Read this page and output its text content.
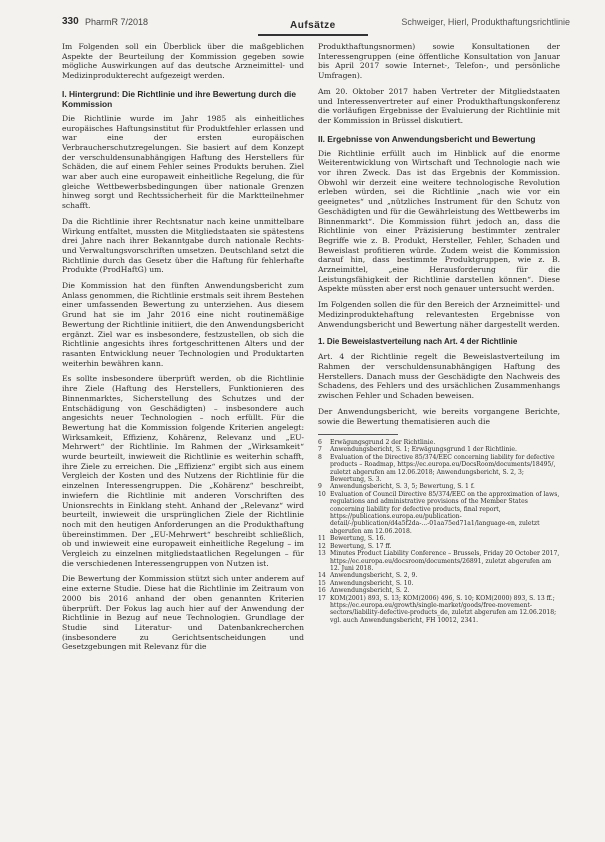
330 PharmR 7/2018	Aufsätze	Schweiger, Hierl, Produkthaftungsrichtlinie

Im Folgenden soll ein Überblick über die maßgeblichen Aspekte der Beurteilung der Kommission gegeben sowie mögliche Auswirkungen auf das deutsche Arzneimittel- und Medizinprodukterecht aufgezeigt werden.

I. Hintergrund: Die Richtlinie und ihre Bewertung durch die Kommission

Die Richtlinie wurde im Jahr 1985 als einheitliches europäisches Haftungsinstitut für Produktfehler erlassen und war eine der ersten europäischen Verbraucherschutzregelungen. Sie basiert auf dem Konzept der verschuldensunabhängigen Haftung des Herstellers für Schäden, die auf einem Fehler seines Produkts beruhen. Ziel war aber auch eine europaweit einheitliche Regelung, die für gleiche Wettbewerbsbedingungen über nationale Grenzen hinweg sorgt und Rechtssicherheit für die Marktteilnehmer schafft.

Da die Richtlinie ihrer Rechtsnatur nach keine unmittelbare Wirkung entfaltet, mussten die Mitgliedstaaten sie spätestens drei Jahre nach ihrer Bekanntgabe durch nationale Rechts- und Verwaltungsvorschriften umsetzen. Deutschland setzt die Richtlinie durch das Gesetz über die Haftung für fehlerhafte Produkte (ProdHaftG) um.

Die Kommission hat den fünften Anwendungsbericht zum Anlass genommen, die Richtlinie erstmals seit ihrem Bestehen einer umfassenden Bewertung zu unterziehen. Aus diesem Grund hat sie im Jahr 2016 eine nicht routinemäßige Bewertung der Richtlinie initiiert, die den Anwendungsbericht ergänzt. Ziel war es insbesondere, festzustellen, ob sich die Richtlinie angesichts ihres fortgeschrittenen Alters und der rasanten Entwicklung neuer Technologien und Produktarten weiterhin bewähren kann.

Es sollte insbesondere überprüft werden, ob die Richtlinie ihre Ziele (Haftung des Herstellers, Funktionieren des Binnenmarktes, Sicherstellung des Schutzes und der Entschädigung von Geschädigten) – insbesondere auch angesichts neuer Technologien – noch erfüllt. Für die Bewertung hat die Kommission folgende Kriterien angelegt: Wirksamkeit, Effizienz, Kohärenz, Relevanz und „EU-Mehrwert“ der Richtlinie. Im Rahmen der „Wirksamkeit“ wurde beurteilt, inwieweit die Richtlinie es weiterhin schafft, ihre Ziele zu erreichen. Die „Effizienz“ ergibt sich aus einem Vergleich der Kosten und des Nutzens der Richtlinie für die einzelnen Interessengruppen. Die „Kohärenz“ beschreibt, inwiefern die Richtlinie mit anderen Vorschriften des Unionsrechts in Einklang steht. Anhand der „Relevanz“ wird beurteilt, inwieweit die ursprünglichen Ziele der Richtlinie noch mit den heutigen Anforderungen an die Produkthaftung übereinstimmen. Der „EU-Mehrwert“ beschreibt schließlich, ob und inwieweit eine europaweit einheitliche Regelung – im Vergleich zu einzelnen mitgliedstaatlichen Regelungen – für die verschiedenen Interessengruppen von Nutzen ist.

Die Bewertung der Kommission stützt sich unter anderem auf eine externe Studie. Diese hat die Richtlinie im Zeitraum von 2000 bis 2016 anhand der oben genannten Kriterien überprüft. Der Fokus lag auch hier auf der Anwendung der Richtlinie in Bezug auf neue Technologien. Grundlage der Studie sind Literatur- und Datenbankrecherchen (insbesondere zu Gerichtsentscheidungen und Gesetzgebungen mit Relevanz für die

Produkthaftungsnormen) sowie Konsultationen der Interessengruppen (eine öffentliche Konsultation von Januar bis April 2017 sowie Internet-, Telefon-, und persönliche Umfragen).

Am 20. Oktober 2017 haben Vertreter der Mitgliedstaaten und Interessenvertreter auf einer Produkthaftungskonferenz die vorläufigen Ergebnisse der Evaluierung der Richtlinie mit der Kommission in Brüssel diskutiert.

II. Ergebnisse von Anwendungsbericht und Bewertung

Die Richtlinie erfüllt auch im Hinblick auf die enorme Weiterentwicklung von Wirtschaft und Technologie nach wie vor ihren Zweck. Das ist das Ergebnis der Kommission. Obwohl wir derzeit eine weitere technologische Revolution erleben würden, sei die Richtlinie „nach wie vor ein geeignetes“ und „nützliches Instrument für den Schutz von Geschädigten und für die Gewährleistung des Wettbewerbs im Binnenmarkt“. Die Kommission führt jedoch an, dass die Richtlinie von einer Präzisierung bestimmter zentraler Begriffe wie z. B. Produkt, Hersteller, Fehler, Schaden und Beweislast profitieren würde. Zudem weist die Kommission darauf hin, dass bestimmte Produktgruppen, wie z. B. Arzneimittel, „eine Herausforderung für die Leistungsfähigkeit der Richtlinie darstellen können“. Diese Aspekte müssten aber erst noch genauer untersucht werden.

Im Folgenden sollen die für den Bereich der Arzneimittel- und Medizinproduktehaftung relevantesten Ergebnisse von Anwendungsbericht und Bewertung näher dargestellt werden.

1. Die Beweislastverteilung nach Art. 4 der Richtlinie

Art. 4 der Richtlinie regelt die Beweislastverteilung im Rahmen der verschuldensunabhängigen Haftung des Herstellers. Danach muss der Geschädigte den Nachweis des Schadens, des Fehlers und des ursächlichen Zusammenhangs zwischen Fehler und Schaden beweisen.

Der Anwendungsbericht, wie bereits vorgangene Berichte, sowie die Bewertung thematisieren auch die

6	Erwägungsgrund 2 der Richtlinie.
7	Anwendungsbericht, S. 1; Erwägungsgrund 1 der Richtlinie.
8	Evaluation of the Directive 85/374/EEC concerning liability for defective products – Roadmap, https://ec.europa.eu/DocsRoom/documents/18495/, zuletzt abgerufen am 12.06.2018; Anwendungsbericht, S. 2, 3; Bewertung, S. 3.
9	Anwendungsbericht, S. 3, 5; Bewertung, S. 1 f.
10 Evaluation of Council Directive 85/374/EEC on the approximation of laws, regulations and administrative provisions of the Member States concerning liability for defective products, final report, https://publications.europa.eu/publication-detail/-/publication/d4a5f2da-...-01aa75ed71a1/language-en, zuletzt abgerufen am 12.06.2018.
11 Bewertung, S. 16.
12 Bewertung, S. 17 ff.
13 Minutes Product Liability Conference – Brussels, Friday 20 October 2017, https://ec.europa.eu/docsroom/documents/26891, zuletzt abgerufen am 12. Juni 2018.
14 Anwendungsbericht, S. 2, 9.
15 Anwendungsbericht, S. 10.
16 Anwendungsbericht, S. 2.
17 KOM(2001) 893, S. 13; KOM(2006) 496, S. 10; KOM(2000) 893, S. 13 ff.; https://ec.europa.eu/growth/single-market/goods/free-movement-sectors/liability-defective-products_de, zuletzt abgerufen am 12.06.2018; vgl. auch Anwendungsbericht, FH 10012, 2341.
